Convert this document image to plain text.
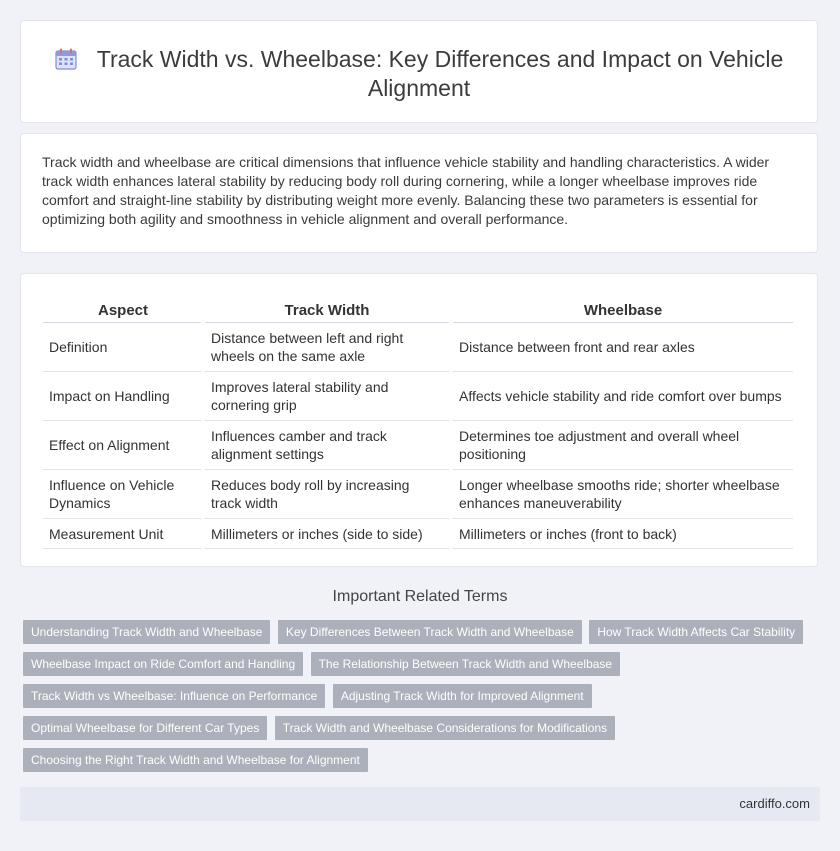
Track Width vs. Wheelbase: Key Differences and Impact on Vehicle Alignment

Track width and wheelbase are critical dimensions that influence vehicle stability and handling characteristics. A wider track width enhances lateral stability by reducing body roll during cornering, while a longer wheelbase improves ride comfort and straight-line stability by distributing weight more evenly. Balancing these two parameters is essential for optimizing both agility and smoothness in vehicle alignment and overall performance.

Aspect	Track Width	Wheelbase
Definition	Distance between left and right wheels on the same axle	Distance between front and rear axles
Impact on Handling	Improves lateral stability and cornering grip	Affects vehicle stability and ride comfort over bumps
Effect on Alignment	Influences camber and track alignment settings	Determines toe adjustment and overall wheel positioning
Influence on Vehicle Dynamics	Reduces body roll by increasing track width	Longer wheelbase smooths ride; shorter wheelbase enhances maneuverability
Measurement Unit	Millimeters or inches (side to side)	Millimeters or inches (front to back)
Important Related Terms
Understanding Track Width and Wheelbase Key Differences Between Track Width and Wheelbase How Track Width Affects Car Stability Wheelbase Impact on Ride Comfort and Handling The Relationship Between Track Width and Wheelbase Track Width vs Wheelbase: Influence on Performance Adjusting Track Width for Improved Alignment Optimal Wheelbase for Different Car Types Track Width and Wheelbase Considerations for Modifications Choosing the Right Track Width and Wheelbase for Alignment
cardiffo.com
